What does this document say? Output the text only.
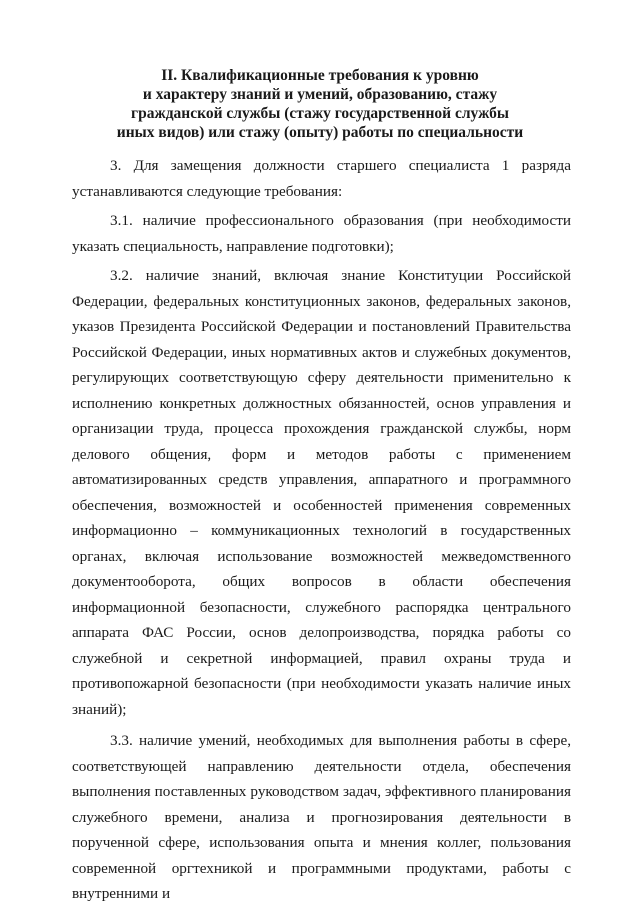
II. Квалификационные требования к уровню
и характеру знаний и умений, образованию, стажу
гражданской службы (стажу государственной службы
иных видов) или стажу (опыту) работы по специальности

3. Для замещения должности старшего специалиста 1 разряда устанавливаются следующие требования:

3.1. наличие профессионального образования (при необходимости указать специальность, направление подготовки);

3.2. наличие знаний, включая знание Конституции Российской Федерации, федеральных конституционных законов, федеральных законов, указов Президента Российской Федерации и постановлений Правительства Российской Федерации, иных нормативных актов и служебных документов, регулирующих соответствующую сферу деятельности применительно к исполнению конкретных должностных обязанностей, основ управления и организации труда, процесса прохождения гражданской службы, норм делового общения, форм и методов работы с применением автоматизированных средств управления, аппаратного и программного обеспечения, возможностей и особенностей применения современных информационно – коммуникационных технологий в государственных органах, включая использование возможностей межведомственного документооборота, общих вопросов в области обеспечения информационной безопасности, служебного распорядка центрального аппарата ФАС России, основ делопроизводства, порядка работы со служебной и секретной информацией, правил охраны труда и противопожарной безопасности (при необходимости указать наличие иных знаний);

3.3. наличие умений, необходимых для выполнения работы в сфере, соответствующей направлению деятельности отдела, обеспечения выполнения поставленных руководством задач, эффективного планирования служебного времени, анализа и прогнозирования деятельности в порученной сфере, использования опыта и мнения коллег, пользования современной оргтехникой и программными продуктами, работы с внутренними и
